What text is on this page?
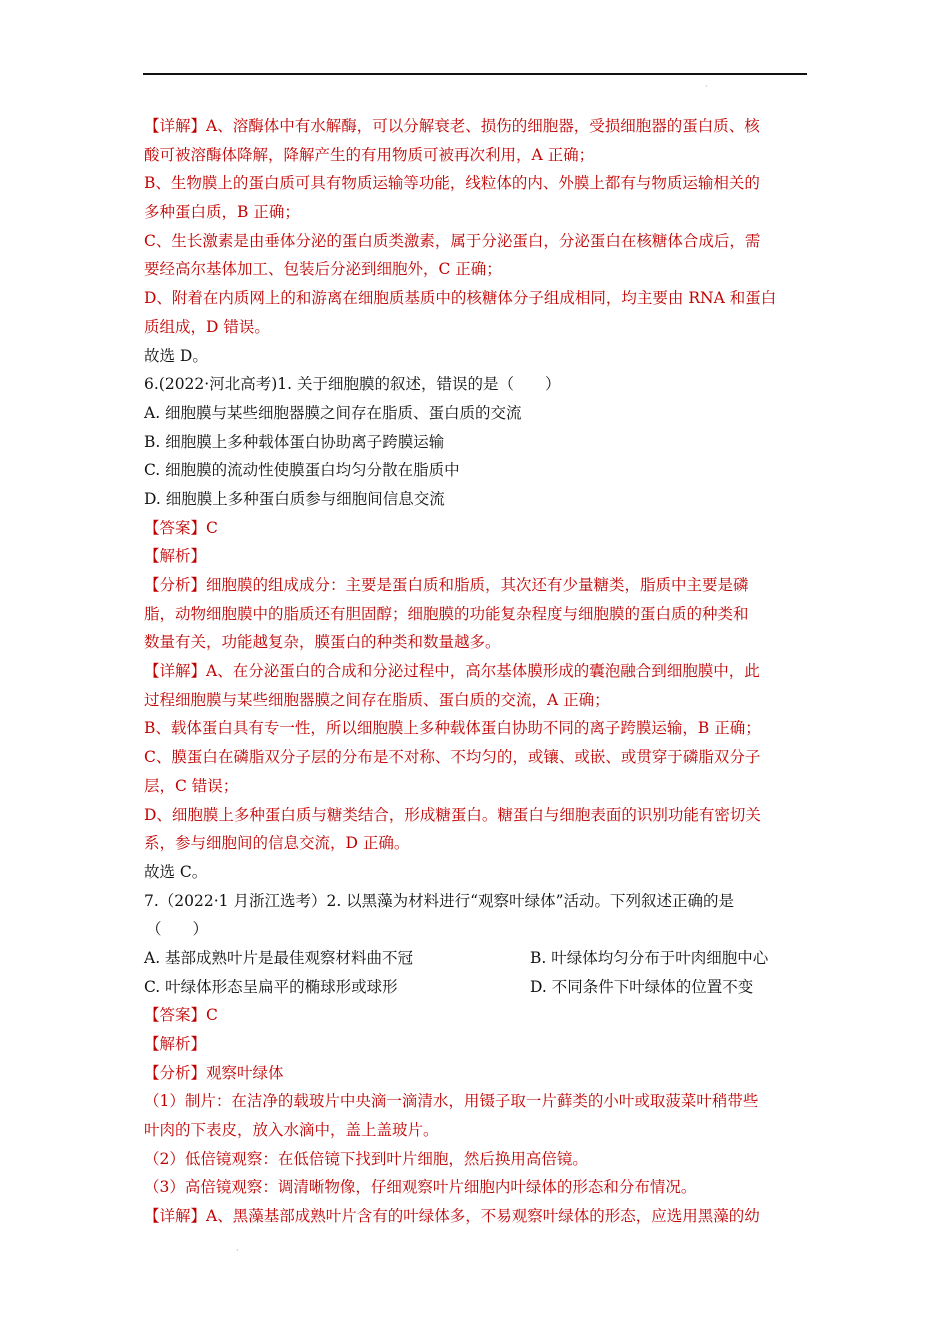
·
【详解】A、溶酶体中有水解酶，可以分解衰老、损伤的细胞器，受损细胞器的蛋白质、核
酸可被溶酶体降解，降解产生的有用物质可被再次利用，A 正确；
B、生物膜上的蛋白质可具有物质运输等功能，线粒体的内、外膜上都有与物质运输相关的
多种蛋白质，B 正确；
C、生长激素是由垂体分泌的蛋白质类激素，属于分泌蛋白，分泌蛋白在核糖体合成后，需
要经高尔基体加工、包装后分泌到细胞外，C 正确；
D、附着在内质网上的和游离在细胞质基质中的核糖体分子组成相同，均主要由 RNA 和蛋白
质组成，D 错误。
故选 D。
6.(2022·河北高考)1. 关于细胞膜的叙述，错误的是（　　）
A. 细胞膜与某些细胞器膜之间存在脂质、蛋白质的交流
B. 细胞膜上多种载体蛋白协助离子跨膜运输
C. 细胞膜的流动性使膜蛋白均匀分散在脂质中
D. 细胞膜上多种蛋白质参与细胞间信息交流
【答案】C
【解析】
【分析】细胞膜的组成成分：主要是蛋白质和脂质，其次还有少量糖类，脂质中主要是磷
脂，动物细胞膜中的脂质还有胆固醇；细胞膜的功能复杂程度与细胞膜的蛋白质的种类和
数量有关，功能越复杂，膜蛋白的种类和数量越多。
【详解】A、在分泌蛋白的合成和分泌过程中，高尔基体膜形成的囊泡融合到细胞膜中，此
过程细胞膜与某些细胞器膜之间存在脂质、蛋白质的交流，A 正确；
B、载体蛋白具有专一性，所以细胞膜上多种载体蛋白协助不同的离子跨膜运输，B 正确；
C、膜蛋白在磷脂双分子层的分布是不对称、不均匀的，或镶、或嵌、或贯穿于磷脂双分子
层，C 错误；
D、细胞膜上多种蛋白质与糖类结合，形成糖蛋白。糖蛋白与细胞表面的识别功能有密切关
系，参与细胞间的信息交流，D 正确。
故选 C。
7.（2022·1 月浙江选考）2. 以黑藻为材料进行“观察叶绿体”活动。下列叙述正确的是
（　　）
A. 基部成熟叶片是最佳观察材料曲不冠	B. 叶绿体均匀分布于叶肉细胞中心
C. 叶绿体形态呈扁平的椭球形或球形	D. 不同条件下叶绿体的位置不变
【答案】C
【解析】
【分析】观察叶绿体
（1）制片：在洁净的载玻片中央滴一滴清水，用镊子取一片藓类的小叶或取菠菜叶稍带些
叶肉的下表皮，放入水滴中，盖上盖玻片。
（2）低倍镜观察：在低倍镜下找到叶片细胞，然后换用高倍镜。
（3）高倍镜观察：调清晰物像，仔细观察叶片细胞内叶绿体的形态和分布情况。
【详解】A、黑藻基部成熟叶片含有的叶绿体多，不易观察叶绿体的形态，应选用黑藻的幼
·
